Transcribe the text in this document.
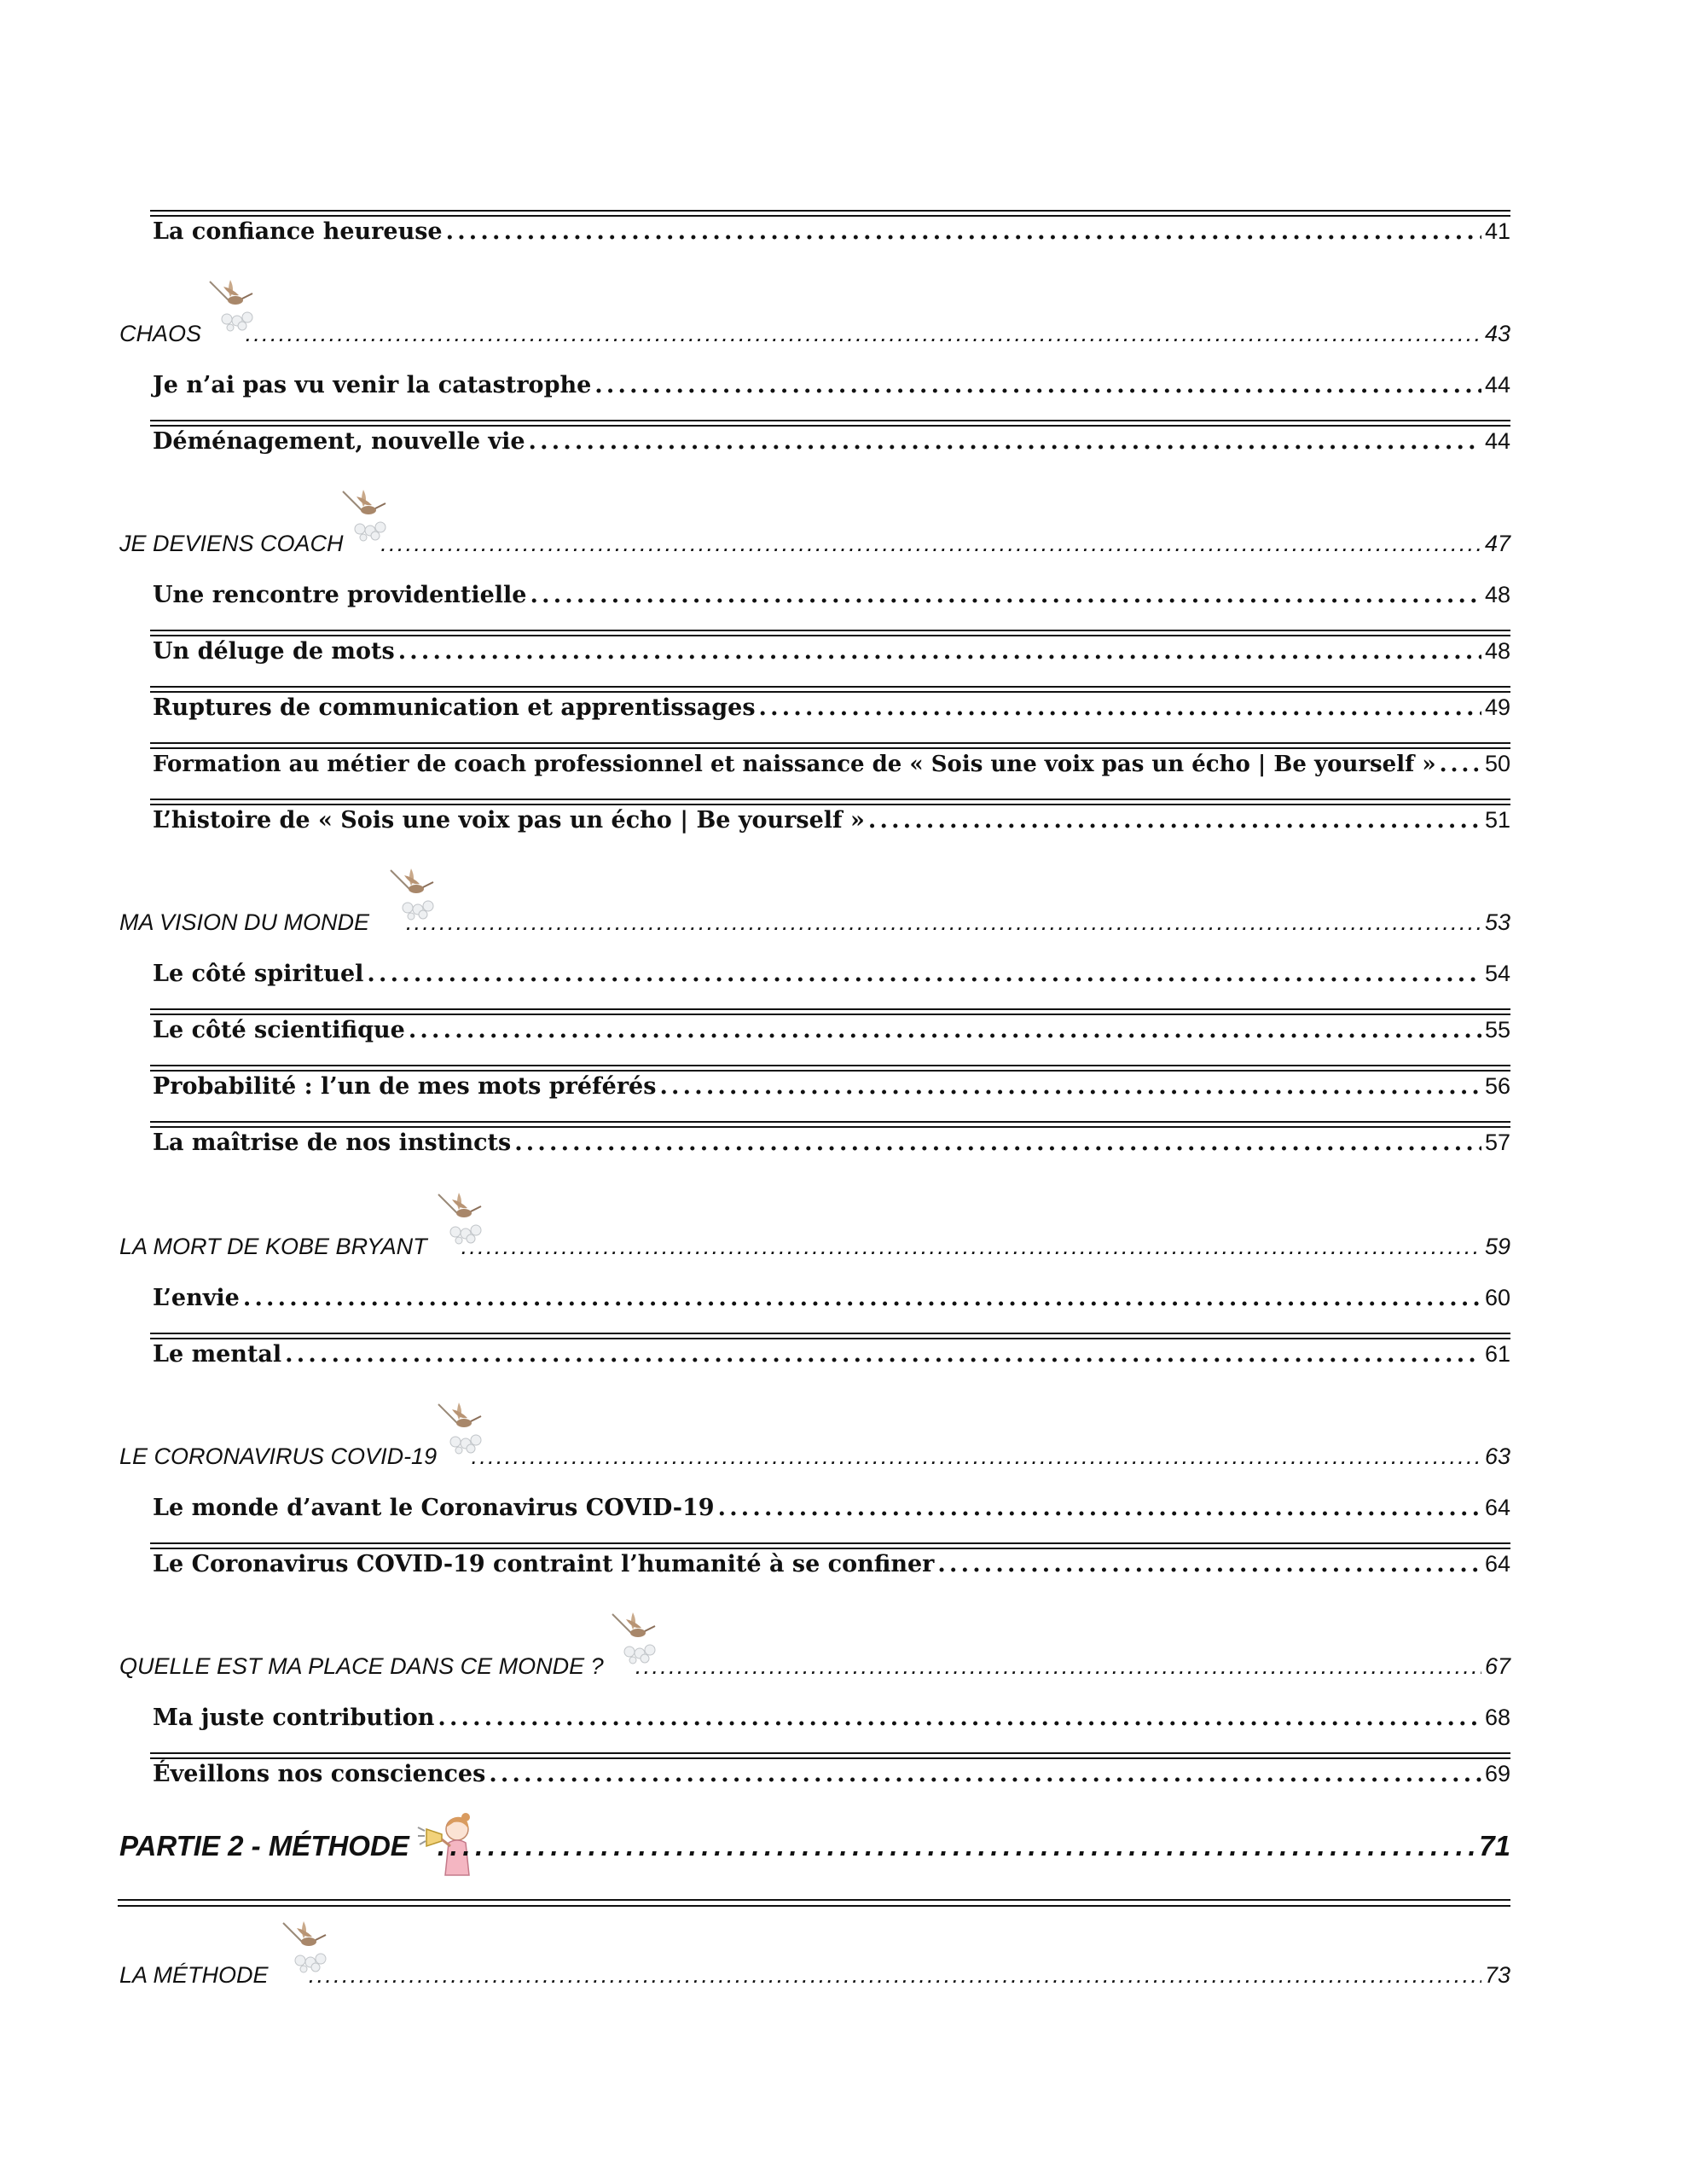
La confiance heureuse . . .	41
CHAOS . . .	43
Je n’ai pas vu venir la catastrophe . . .	44
Déménagement, nouvelle vie . . .	44
JE DEVIENS COACH . . .	47
Une rencontre providentielle . . .	48
Un déluge de mots . . .	48
Ruptures de communication et apprentissages . . .	49
Formation au métier de coach professionnel et naissance de « Sois une voix pas un écho | Be yourself » . . . 50
L’histoire de « Sois une voix pas un écho | Be yourself » . . .	51
MA VISION DU MONDE . . .	53
Le côté spirituel . . .	54
Le côté scientifique . . .	55
Probabilité : l’un de mes mots préférés . . .	56
La maîtrise de nos instincts . . .	57
LA MORT DE KOBE BRYANT . . .	59
L’envie . . .	60
Le mental . . .	61
LE CORONAVIRUS COVID-19 . . .	63
Le monde d’avant le Coronavirus COVID-19 . . .	64
Le Coronavirus COVID-19 contraint l’humanité à se confiner . . .	64
QUELLE EST MA PLACE DANS CE MONDE ? . . .	67
Ma juste contribution . . .	68
Éveillons nos consciences . . .	69
PARTIE 2 - MÉTHODE . . .	71
LA MÉTHODE . . .	73
